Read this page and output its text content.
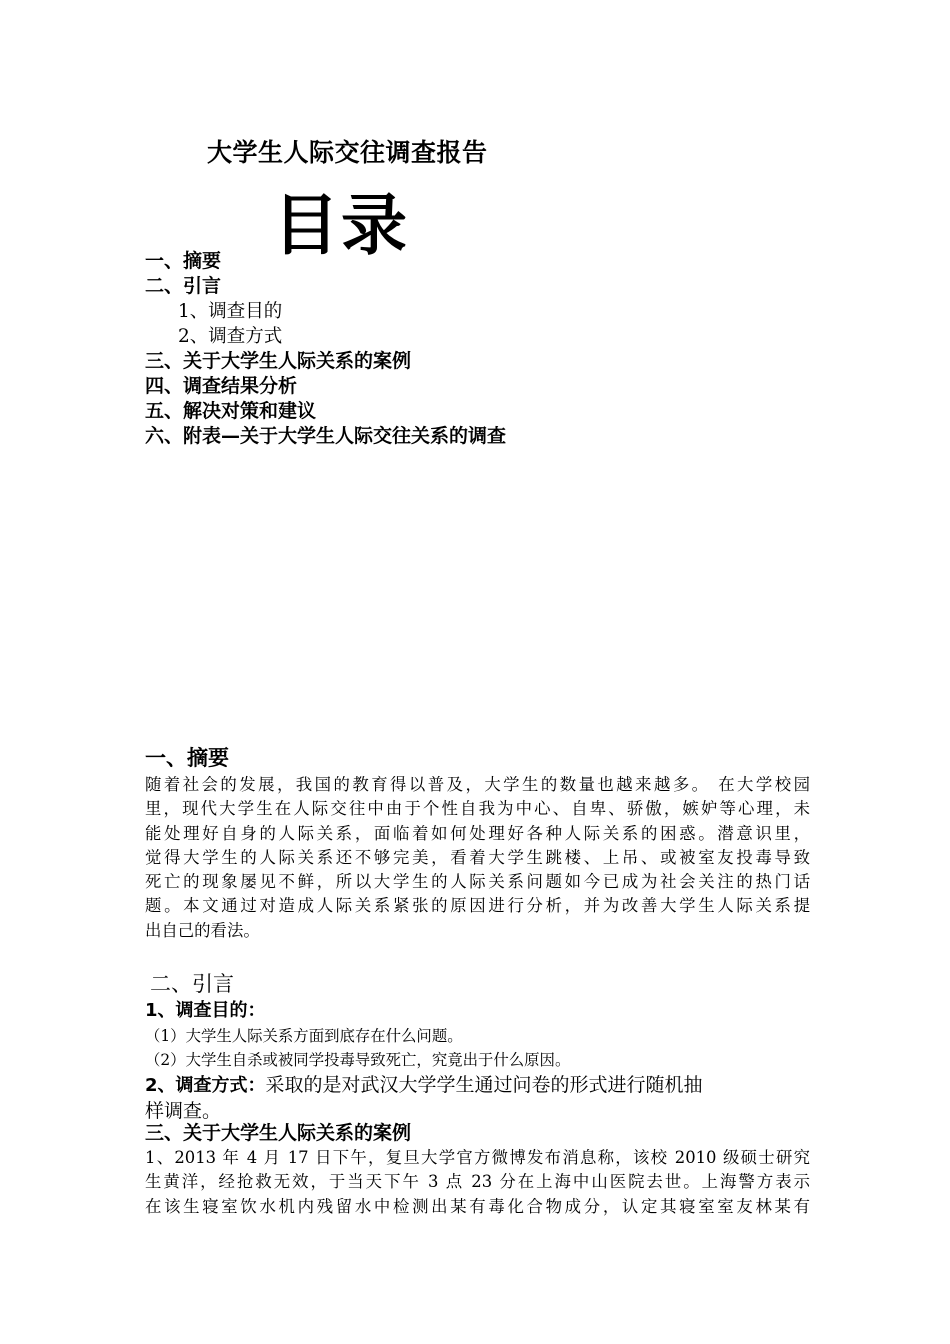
大学生人际交往调查报告
目录
一、摘要
二、引言
1、调查目的
2、调查方式
三、关于大学生人际关系的案例
四、调查结果分析
五、解决对策和建议
六、附表—关于大学生人际交往关系的调查
一、摘要
随着社会的发展，我国的教育得以普及，大学生的数量也越来越多。 在大学校园
里，现代大学生在人际交往中由于个性自我为中心、自卑、骄傲，嫉妒等心理，未
能处理好自身的人际关系，面临着如何处理好各种人际关系的困惑。潜意识里，
觉得大学生的人际关系还不够完美，看着大学生跳楼、上吊、或被室友投毒导致
死亡的现象屡见不鲜，所以大学生的人际关系问题如今已成为社会关注的热门话
题。本文通过对造成人际关系紧张的原因进行分析，并为改善大学生人际关系提
出自己的看法。
二、引言
1、调查目的：
（1）大学生人际关系方面到底存在什么问题。
（2）大学生自杀或被同学投毒导致死亡，究竟出于什么原因。
2、调查方式：采取的是对武汉大学学生通过问卷的形式进行随机抽
样调查。
三、关于大学生人际关系的案例
1、2013 年 4 月 17 日下午，复旦大学官方微博发布消息称，该校 2010 级硕士研究
生黄洋，经抢救无效，于当天下午 3 点 23 分在上海中山医院去世。上海警方表示
在该生寝室饮水机内残留水中检测出某有毒化合物成分，认定其寝室室友林某有
